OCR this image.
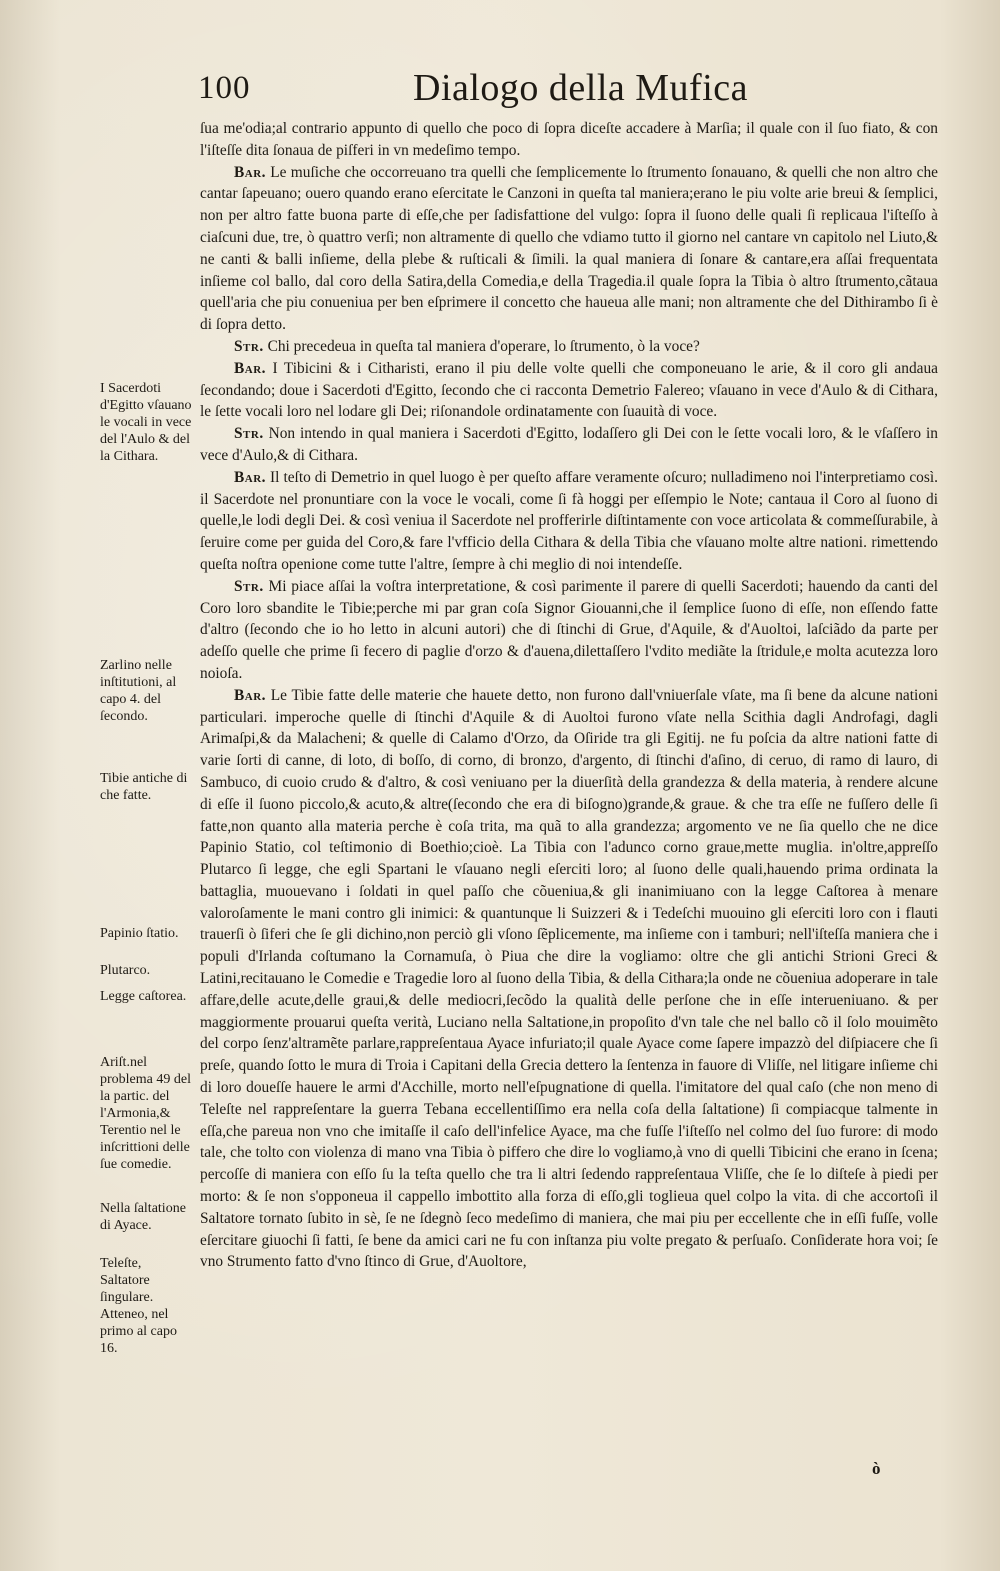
100	Dialogo della Mufica

ſua me'odia;al contrario appunto di quello che poco di ſopra diceſte accadere à Marſia; il quale con il ſuo fiato, & con l'iſteſſe dita ſonaua de piſferi in vn medeſimo tempo.

Bar. Le muſiche che occorreuano tra quelli che ſemplicemente lo ſtrumento ſonauano, & quelli che non altro che cantar ſapeuano; ouero quando erano eſercitate le Canzoni in queſta tal maniera;erano le piu volte arie breui & ſemplici, non per altro fatte buona parte di eſſe,che per ſadisfattione del vulgo: ſopra il ſuono delle quali ſi replicaua l'iſteſſo à ciaſcuni due, tre, ò quattro verſi; non altramente di quello che vdiamo tutto il giorno nel cantare vn capitolo nel Liuto,& ne canti & balli inſieme, della plebe & ruſticali & ſimili. la qual maniera di ſonare & cantare,era aſſai frequentata inſieme col ballo, dal coro della Satira,della Comedia,e della Tragedia.il quale ſopra la Tibia ò altro ſtrumento,cãtaua quell'aria che piu conueniua per ben eſprimere il concetto che haueua alle mani; non altramente che del Dithirambo ſi è di ſopra detto.

Str. Chi precedeua in queſta tal maniera d'operare, lo ſtrumento, ò la voce?

Bar. I Tibicini & i Citharisti, erano il piu delle volte quelli che componeuano le arie, & il coro gli andaua ſecondando; doue i Sacerdoti d'Egitto, ſecondo che ci racconta Demetrio Falereo; vſauano in vece d'Aulo & di Cithara, le ſette vocali loro nel lodare gli Dei; riſonandole ordinatamente con ſuauità di voce.

Str. Non intendo in qual maniera i Sacerdoti d'Egitto, lodaſſero gli Dei con le ſette vocali loro, & le vſaſſero in vece d'Aulo,& di Cithara.

Bar. Il teſto di Demetrio in quel luogo è per queſto affare veramente oſcuro; nulladimeno noi l'interpretiamo così. il Sacerdote nel pronuntiare con la voce le vocali, come ſi fà hoggi per eſſempio le Note; cantaua il Coro al ſuono di quelle,le lodi degli Dei. & così veniua il Sacerdote nel profferirle diſtintamente con voce articolata & commeſſurabile, à ſeruire come per guida del Coro,& fare l'vfficio della Cithara & della Tibia che vſauano molte altre nationi. rimettendo queſta noſtra openione come tutte l'altre, ſempre à chi meglio di noi intendeſſe.

Str. Mi piace aſſai la voſtra interpretatione, & così parimente il parere di quelli Sacerdoti; hauendo da canti del Coro loro sbandite le Tibie;perche mi par gran coſa Signor Giouanni,che il ſemplice ſuono di eſſe, non eſſendo fatte d'altro (ſecondo che io ho letto in alcuni autori) che di ſtinchi di Grue, d'Aquile, & d'Auoltoi, laſciãdo da parte per adeſſo quelle che prime ſi fecero di paglie d'orzo & d'auena,dilettaſſero l'vdito mediãte la ſtridule,e molta acutezza loro noioſa.

Bar. Le Tibie fatte delle materie che hauete detto, non furono dall'vniuerſale vſate, ma ſi bene da alcune nationi particulari. imperoche quelle di ſtinchi d'Aquile & di Auoltoi furono vſate nella Scithia dagli Androfagi, dagli Arimaſpi,& da Malacheni; & quelle di Calamo d'Orzo, da Oſiride tra gli Egitij. ne fu poſcia da altre nationi fatte di varie ſorti di canne, di loto, di boſſo, di corno, di bronzo, d'argento, di ſtinchi d'aſino, di ceruo, di ramo di lauro, di Sambuco, di cuoio crudo & d'altro, & così veniuano per la diuerſità della grandezza & della materia, à rendere alcune di eſſe il ſuono piccolo,& acuto,& altre(ſecondo che era di biſogno)grande,& graue. & che tra eſſe ne fuſſero delle ſi fatte,non quanto alla materia perche è coſa trita, ma quã to alla grandezza; argomento ve ne ſia quello che ne dice Papinio Statio, col teſtimonio di Boethio;cioè. La Tibia con l'adunco corno graue,mette muglia. in'oltre,appreſſo Plutarco ſi legge, che egli Spartani le vſauano negli eſerciti loro; al ſuono delle quali,hauendo prima ordinata la battaglia, muouevano i ſoldati in quel paſſo che cõueniua,& gli inanimiuano con la legge Caſtorea à menare valoroſamente le mani contro gli inimici: & quantunque li Suizzeri & i Tedeſchi muouino gli eſerciti loro con i flauti trauerſi ò ſiferi che ſe gli dichino,non perciò gli vſono ſẽplicemente, ma inſieme con i tamburi; nell'iſteſſa maniera che i populi d'Irlanda coſtumano la Cornamuſa, ò Piua che dire la vogliamo: oltre che gli antichi Strioni Greci & Latini,recitauano le Comedie e Tragedie loro al ſuono della Tibia, & della Cithara;la onde ne cõueniua adoperare in tale affare,delle acute,delle graui,& delle mediocri,ſecõdo la qualità delle perſone che in eſſe interueniuano. & per maggiormente prouarui queſta verità, Luciano nella Saltatione,in propoſito d'vn tale che nel ballo cõ il ſolo mouimẽto del corpo ſenz'altramẽte parlare,rappreſentaua Ayace infuriato;il quale Ayace come ſapere impazzò del diſpiacere che ſi preſe, quando ſotto le mura di Troia i Capitani della Grecia dettero la ſentenza in fauore di Vliſſe, nel litigare inſieme chi di loro doueſſe hauere le armi d'Acchille, morto nell'eſpugnatione di quella. l'imitatore del qual caſo (che non meno di Teleſte nel rappreſentare la guerra Tebana eccellentiſſimo era nella coſa della ſaltatione) ſi compiacque talmente in eſſa,che pareua non vno che imitaſſe il caſo dell'infelice Ayace, ma che fuſſe l'iſteſſo nel colmo del ſuo furore: di modo tale, che tolto con violenza di mano vna Tibia ò piffero che dire lo vogliamo,à vno di quelli Tibicini che erano in ſcena; percoſſe di maniera con eſſo ſu la teſta quello che tra li altri ſedendo rappreſentaua Vliſſe, che ſe lo diſteſe à piedi per morto: & ſe non s'opponeua il cappello imbottito alla forza di eſſo,gli toglieua quel colpo la vita. di che accortoſi il Saltatore tornato ſubito in sè, ſe ne ſdegnò ſeco medeſimo di maniera, che mai piu per eccellente che in eſſi fuſſe, volle eſercitare giuochi ſi fatti, ſe bene da amici cari ne fu con inſtanza piu volte pregato & perſuaſo. Conſiderate hora voi; ſe vno Strumento fatto d'vno ſtinco di Grue, d'Auoltore,

I Sacerdoti d'Egitto vſauano le vocali in vece del l'Aulo & del la Cithara.
Zarlino nelle inſtitutioni, al capo 4. del ſecondo.
Tibie antiche di che fatte.
Papinio ſtatio.
Plutarco.
Legge caſtorea.
Ariſt.nel problema 49 del la partic. del l'Armonia,& Terentio nel le inſcrittioni delle ſue comedie.
Nella ſaltatione di Ayace.
Teleſte, Saltatore ſingulare. Atteneo, nel primo al capo 16.
ò
